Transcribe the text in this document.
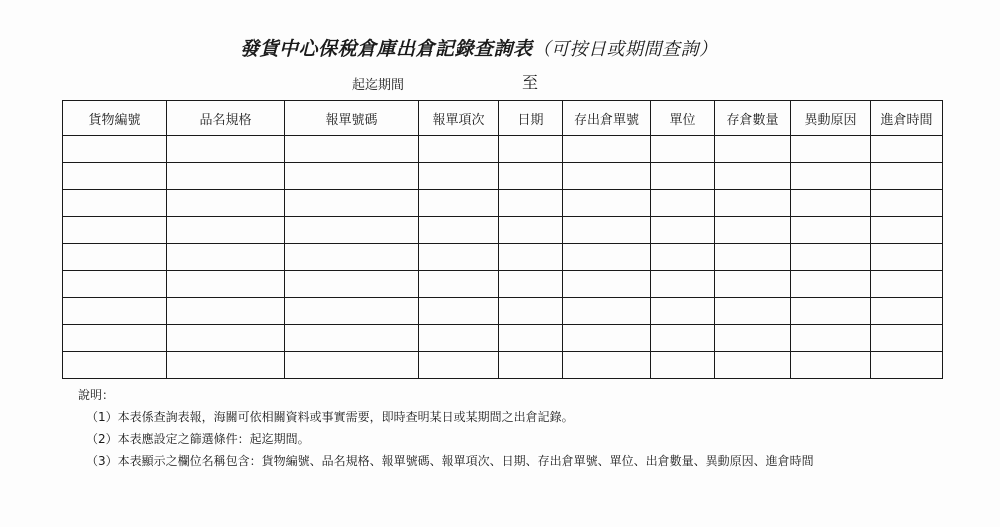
發貨中心保稅倉庫出倉記錄查詢表（可按日或期間查詢）
起迄期間	至
貨物編號	品名規格	報單號碼	報單項次	日期	存出倉單號	單位	存倉數量	異動原因	進倉時間

說明：
（1）本表係查詢表報，海關可依相關資料或事實需要，即時查明某日或某期間之出倉記錄。
（2）本表應設定之篩選條件：起迄期間。
（3）本表顯示之欄位名稱包含：貨物編號、品名規格、報單號碼、報單項次、日期、存出倉單號、單位、出倉數量、異動原因、進倉時間
